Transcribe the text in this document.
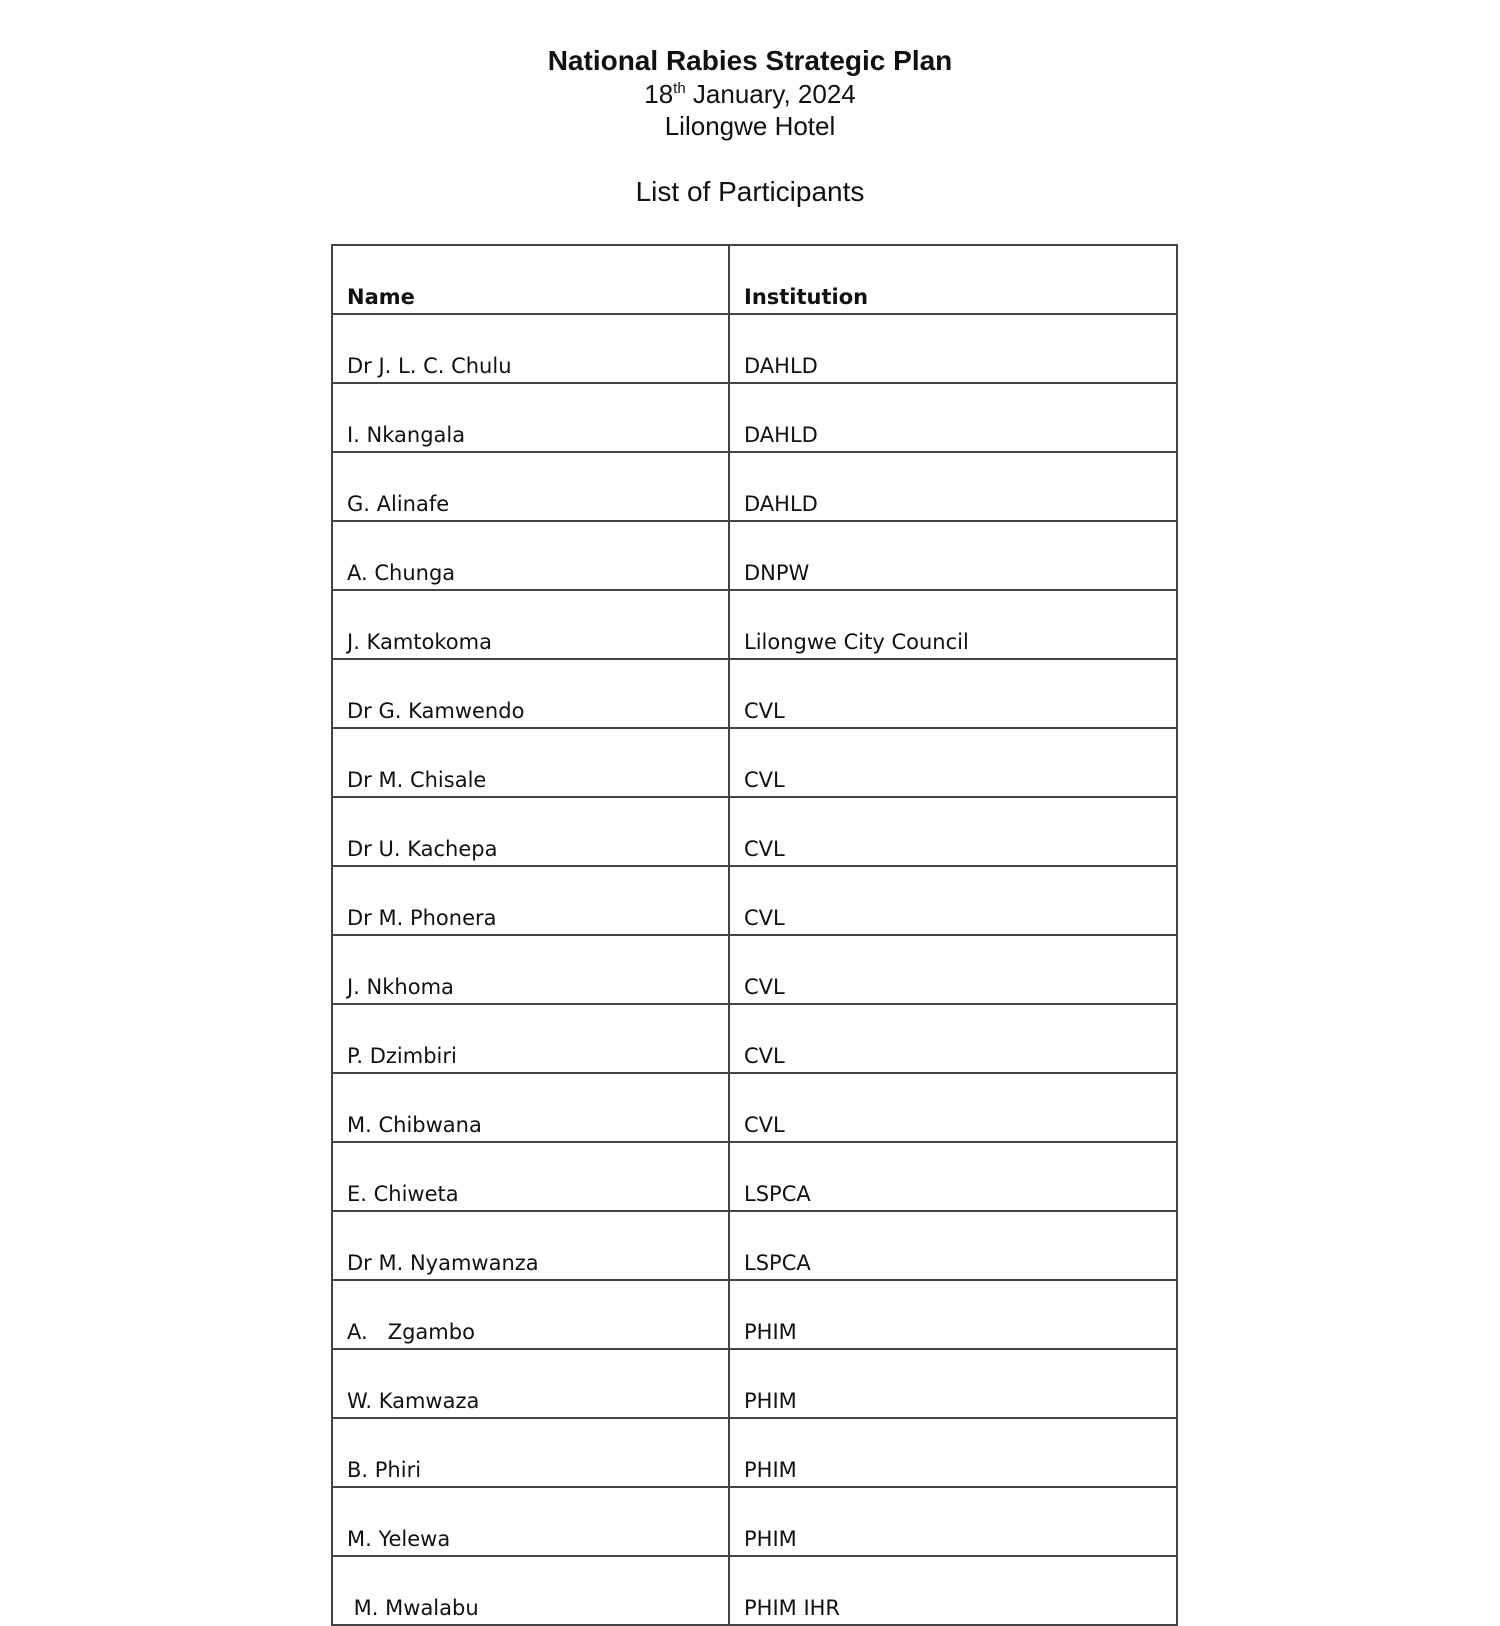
National Rabies Strategic Plan
18th January, 2024
Lilongwe Hotel
List of Participants
Name	Institution
Dr J. L. C. Chulu	DAHLD
I. Nkangala	DAHLD
G. Alinafe	DAHLD
A. Chunga	DNPW
J. Kamtokoma	Lilongwe City Council
Dr G. Kamwendo	CVL
Dr M. Chisale	CVL
Dr U. Kachepa	CVL
Dr M. Phonera	CVL
J. Nkhoma	CVL
P. Dzimbiri	CVL
M. Chibwana	CVL
E. Chiweta	LSPCA
Dr M. Nyamwanza	LSPCA
A.   Zgambo	PHIM
W. Kamwaza	PHIM
B. Phiri	PHIM
M. Yelewa	PHIM
M. Mwalabu	PHIM IHR
